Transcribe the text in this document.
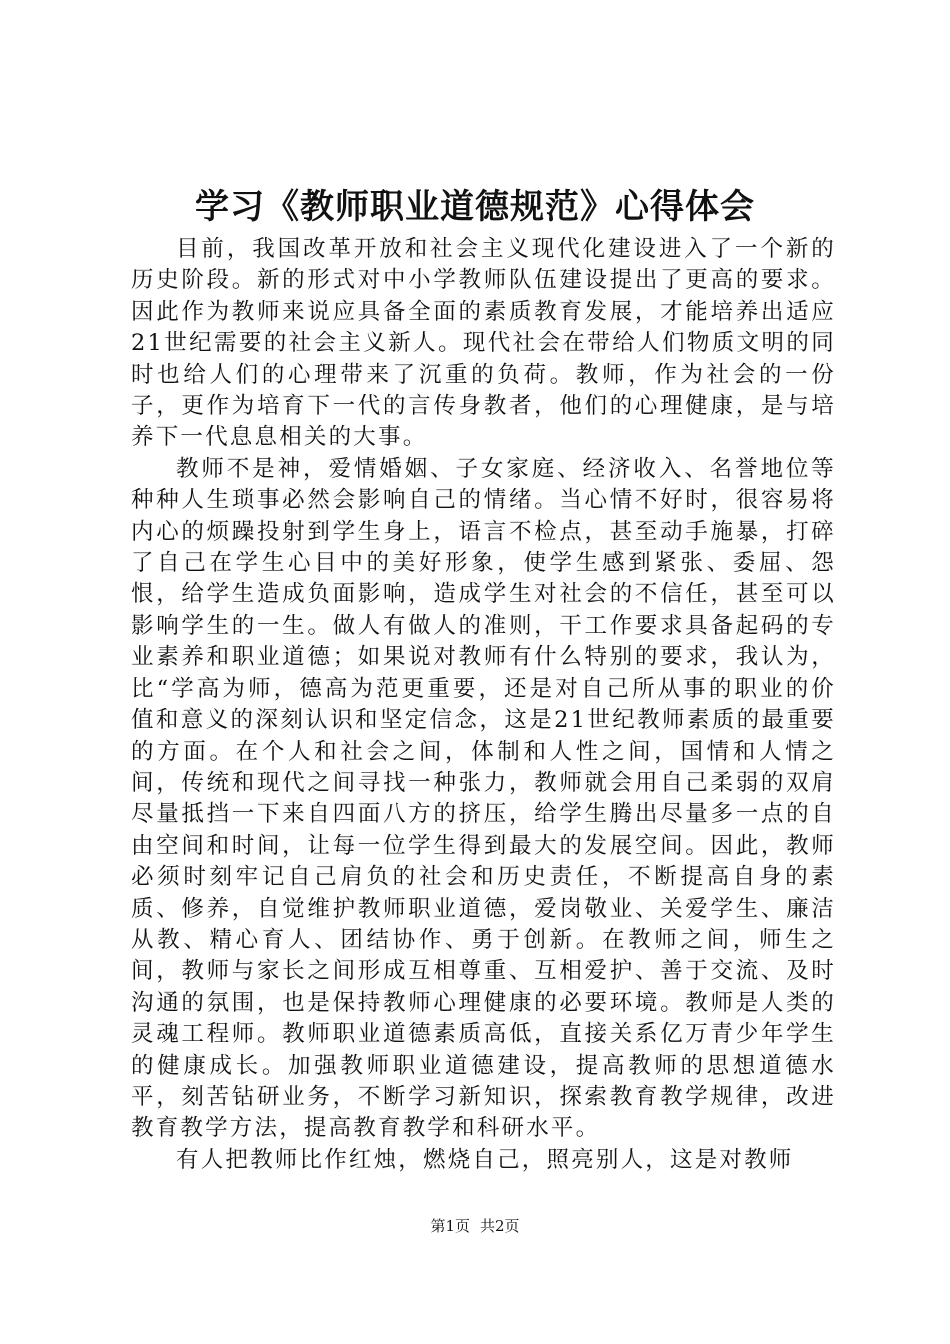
学习《教师职业道德规范》心得体会

目前，我国改革开放和社会主义现代化建设进入了一个新的历史阶段。新的形式对中小学教师队伍建设提出了更高的要求。因此作为教师来说应具备全面的素质教育发展，才能培养出适应21世纪需要的社会主义新人。现代社会在带给人们物质文明的同时也给人们的心理带来了沉重的负荷。教师，作为社会的一份子，更作为培育下一代的言传身教者，他们的心理健康，是与培养下一代息息相关的大事。

教师不是神，爱情婚姻、子女家庭、经济收入、名誉地位等种种人生琐事必然会影响自己的情绪。当心情不好时，很容易将内心的烦躁投射到学生身上，语言不检点，甚至动手施暴，打碎了自己在学生心目中的美好形象，使学生感到紧张、委屈、怨恨，给学生造成负面影响，造成学生对社会的不信任，甚至可以影响学生的一生。做人有做人的准则，干工作要求具备起码的专业素养和职业道德；如果说对教师有什么特别的要求，我认为，比“学高为师，德高为范更重要，还是对自己所从事的职业的价值和意义的深刻认识和坚定信念，这是21世纪教师素质的最重要的方面。在个人和社会之间，体制和人性之间，国情和人情之间，传统和现代之间寻找一种张力，教师就会用自己柔弱的双肩尽量抵挡一下来自四面八方的挤压，给学生腾出尽量多一点的自由空间和时间，让每一位学生得到最大的发展空间。因此，教师必须时刻牢记自己肩负的社会和历史责任，不断提高自身的素质、修养，自觉维护教师职业道德，爱岗敬业、关爱学生、廉洁从教、精心育人、团结协作、勇于创新。在教师之间，师生之间，教师与家长之间形成互相尊重、互相爱护、善于交流、及时沟通的氛围，也是保持教师心理健康的必要环境。教师是人类的灵魂工程师。教师职业道德素质高低，直接关系亿万青少年学生的健康成长。加强教师职业道德建设，提高教师的思想道德水平，刻苦钻研业务，不断学习新知识，探索教育教学规律，改进教育教学方法，提高教育教学和科研水平。

有人把教师比作红烛，燃烧自己，照亮别人，这是对教师

第1页 共2页
